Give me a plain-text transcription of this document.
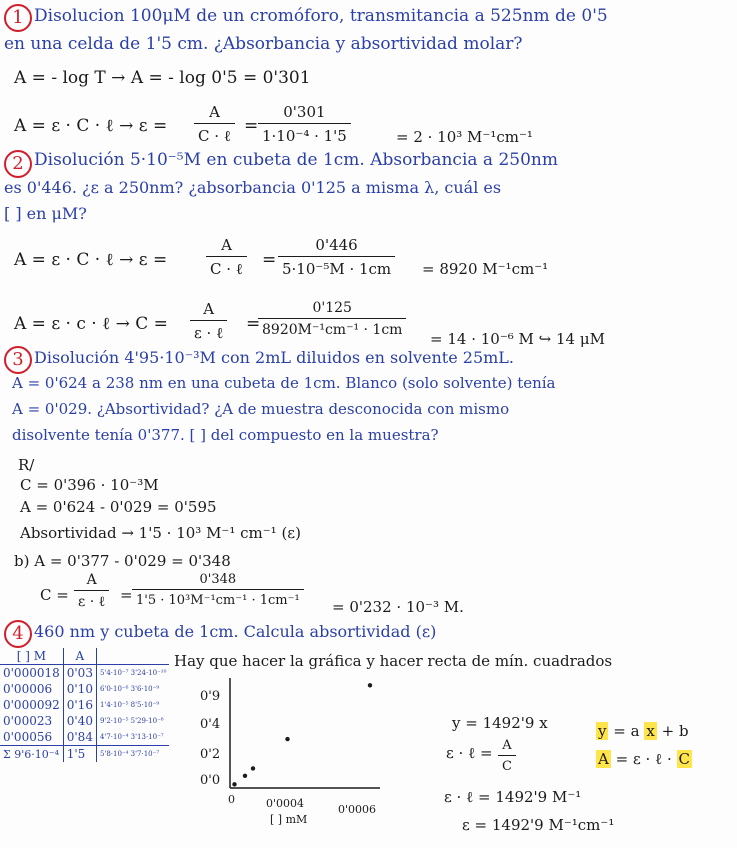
1 Disolucion 100μM de un cromóforo, transmitancia a 525nm de 0'5
en una celda de 1'5 cm. ¿Absorbancia y absortividad molar?
A = - log T → A = - log 0'5 = 0'301
A = ε · C · ℓ → ε =
A
C · ℓ = $\frac{0'301}{\text{1·10⁻⁴ · 1'5}}$	= 2 · 10³ M⁻¹cm⁻¹
2 Disolución 5·10⁻⁵M en cubeta de 1cm. Absorbancia a 250nm
es 0'446. ¿ε a 250nm? ¿absorbancia 0'125 a misma λ, cuál es
[ ] en μM?
A = ε · C · ℓ → ε =
A
C · ℓ = $\frac{0'446}{\text{5·10⁻⁵M · 1cm}} = 8920$ M⁻¹cm⁻¹
A = ε · c · ℓ → C =
A
ε · ℓ =
$\frac{0'125}{\text{8920M⁻¹cm⁻¹ · 1cm}}$
= 14 · 10⁻⁶ M ↪ 14 μM
3 Disolución 4'95·10⁻³M con 2mL diluidos en solvente 25mL.
A = 0'624 a 238 nm en una cubeta de 1cm. Blanco (solo solvente) tenía
A = 0'029. ¿Absortividad? ¿A de muestra desconocida con mismo
disolvente tenía 0'377. [ ] del compuesto en la muestra?
R/
C = 0'396 · 10⁻³M
A = 0'624 - 0'029 = 0'595
Absortividad → 1'5 · 10³ M⁻¹ cm⁻¹ (ε)
b) A = 0'377 - 0'029 = 0'348
C =
A
ε · ℓ = $\frac{0'348}{\text{1'5 · 10³M⁻¹cm⁻¹ · 1cm⁻¹}} = 0'232 \cdot 10^{-3}$ M.
4 460 nm y cubeta de 1cm. Calcula absortividad (ε)
Hay que hacer la gráfica y hacer recta de mín. cuadrados
[ ] M	A	
0'000018	0'03	5'4·10⁻⁷ 3'24·10⁻¹⁰
0'00006	0'10	6'0·10⁻⁶ 3'6·10⁻⁹
0'000092	0'16	1'4·10⁻⁵ 8'5·10⁻⁹
0'00023	0'40	9'2·10⁻⁵ 5'29·10⁻⁸
0'00056	0'84	4'7·10⁻⁴ 3'13·10⁻⁷
Σ 9'6·10⁻⁴	1'5	5'8·10⁻⁴ 3'7·10⁻⁷
0'9
0'4
0'2
0'0
0	0'0004	0'0006
[ ] mM
y = 1492'9 x	y = a x + b
ε · ℓ = $\frac{A}{C}$	A = ε · ℓ · C
ε · ℓ = 1492'9 M⁻¹
ε = 1492'9 M⁻¹cm⁻¹
